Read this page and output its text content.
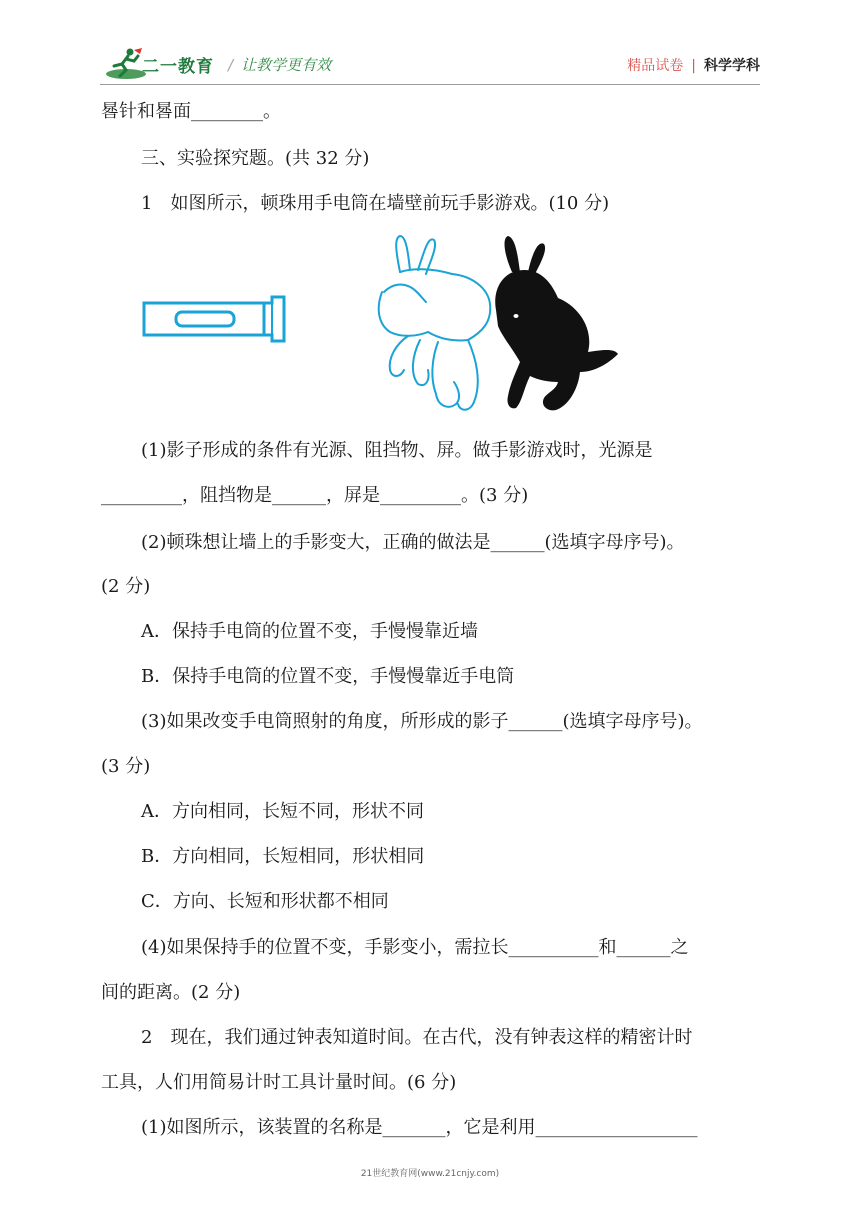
二一教育 / 让教学更有效	精品试卷 | 科学学科
晷针和晷面________。
三、实验探究题。(共 32 分)
1　如图所示，顿珠用手电筒在墙壁前玩手影游戏。(10 分)
(1)影子形成的条件有光源、阻挡物、屏。做手影游戏时，光源是
_________，阻挡物是______，屏是_________。(3 分)
(2)顿珠想让墙上的手影变大，正确的做法是______(选填字母序号)。
(2 分)
A．保持手电筒的位置不变，手慢慢靠近墙
B．保持手电筒的位置不变，手慢慢靠近手电筒
(3)如果改变手电筒照射的角度，所形成的影子______(选填字母序号)。
(3 分)
A．方向相同，长短不同，形状不同
B．方向相同，长短相同，形状相同
C．方向、长短和形状都不相同
(4)如果保持手的位置不变，手影变小，需拉长__________和______之
间的距离。(2 分)
2　现在，我们通过钟表知道时间。在古代，没有钟表这样的精密计时
工具，人们用简易计时工具计量时间。(6 分)
(1)如图所示，该装置的名称是_______，它是利用__________________
21世纪教育网(www.21cnjy.com)
